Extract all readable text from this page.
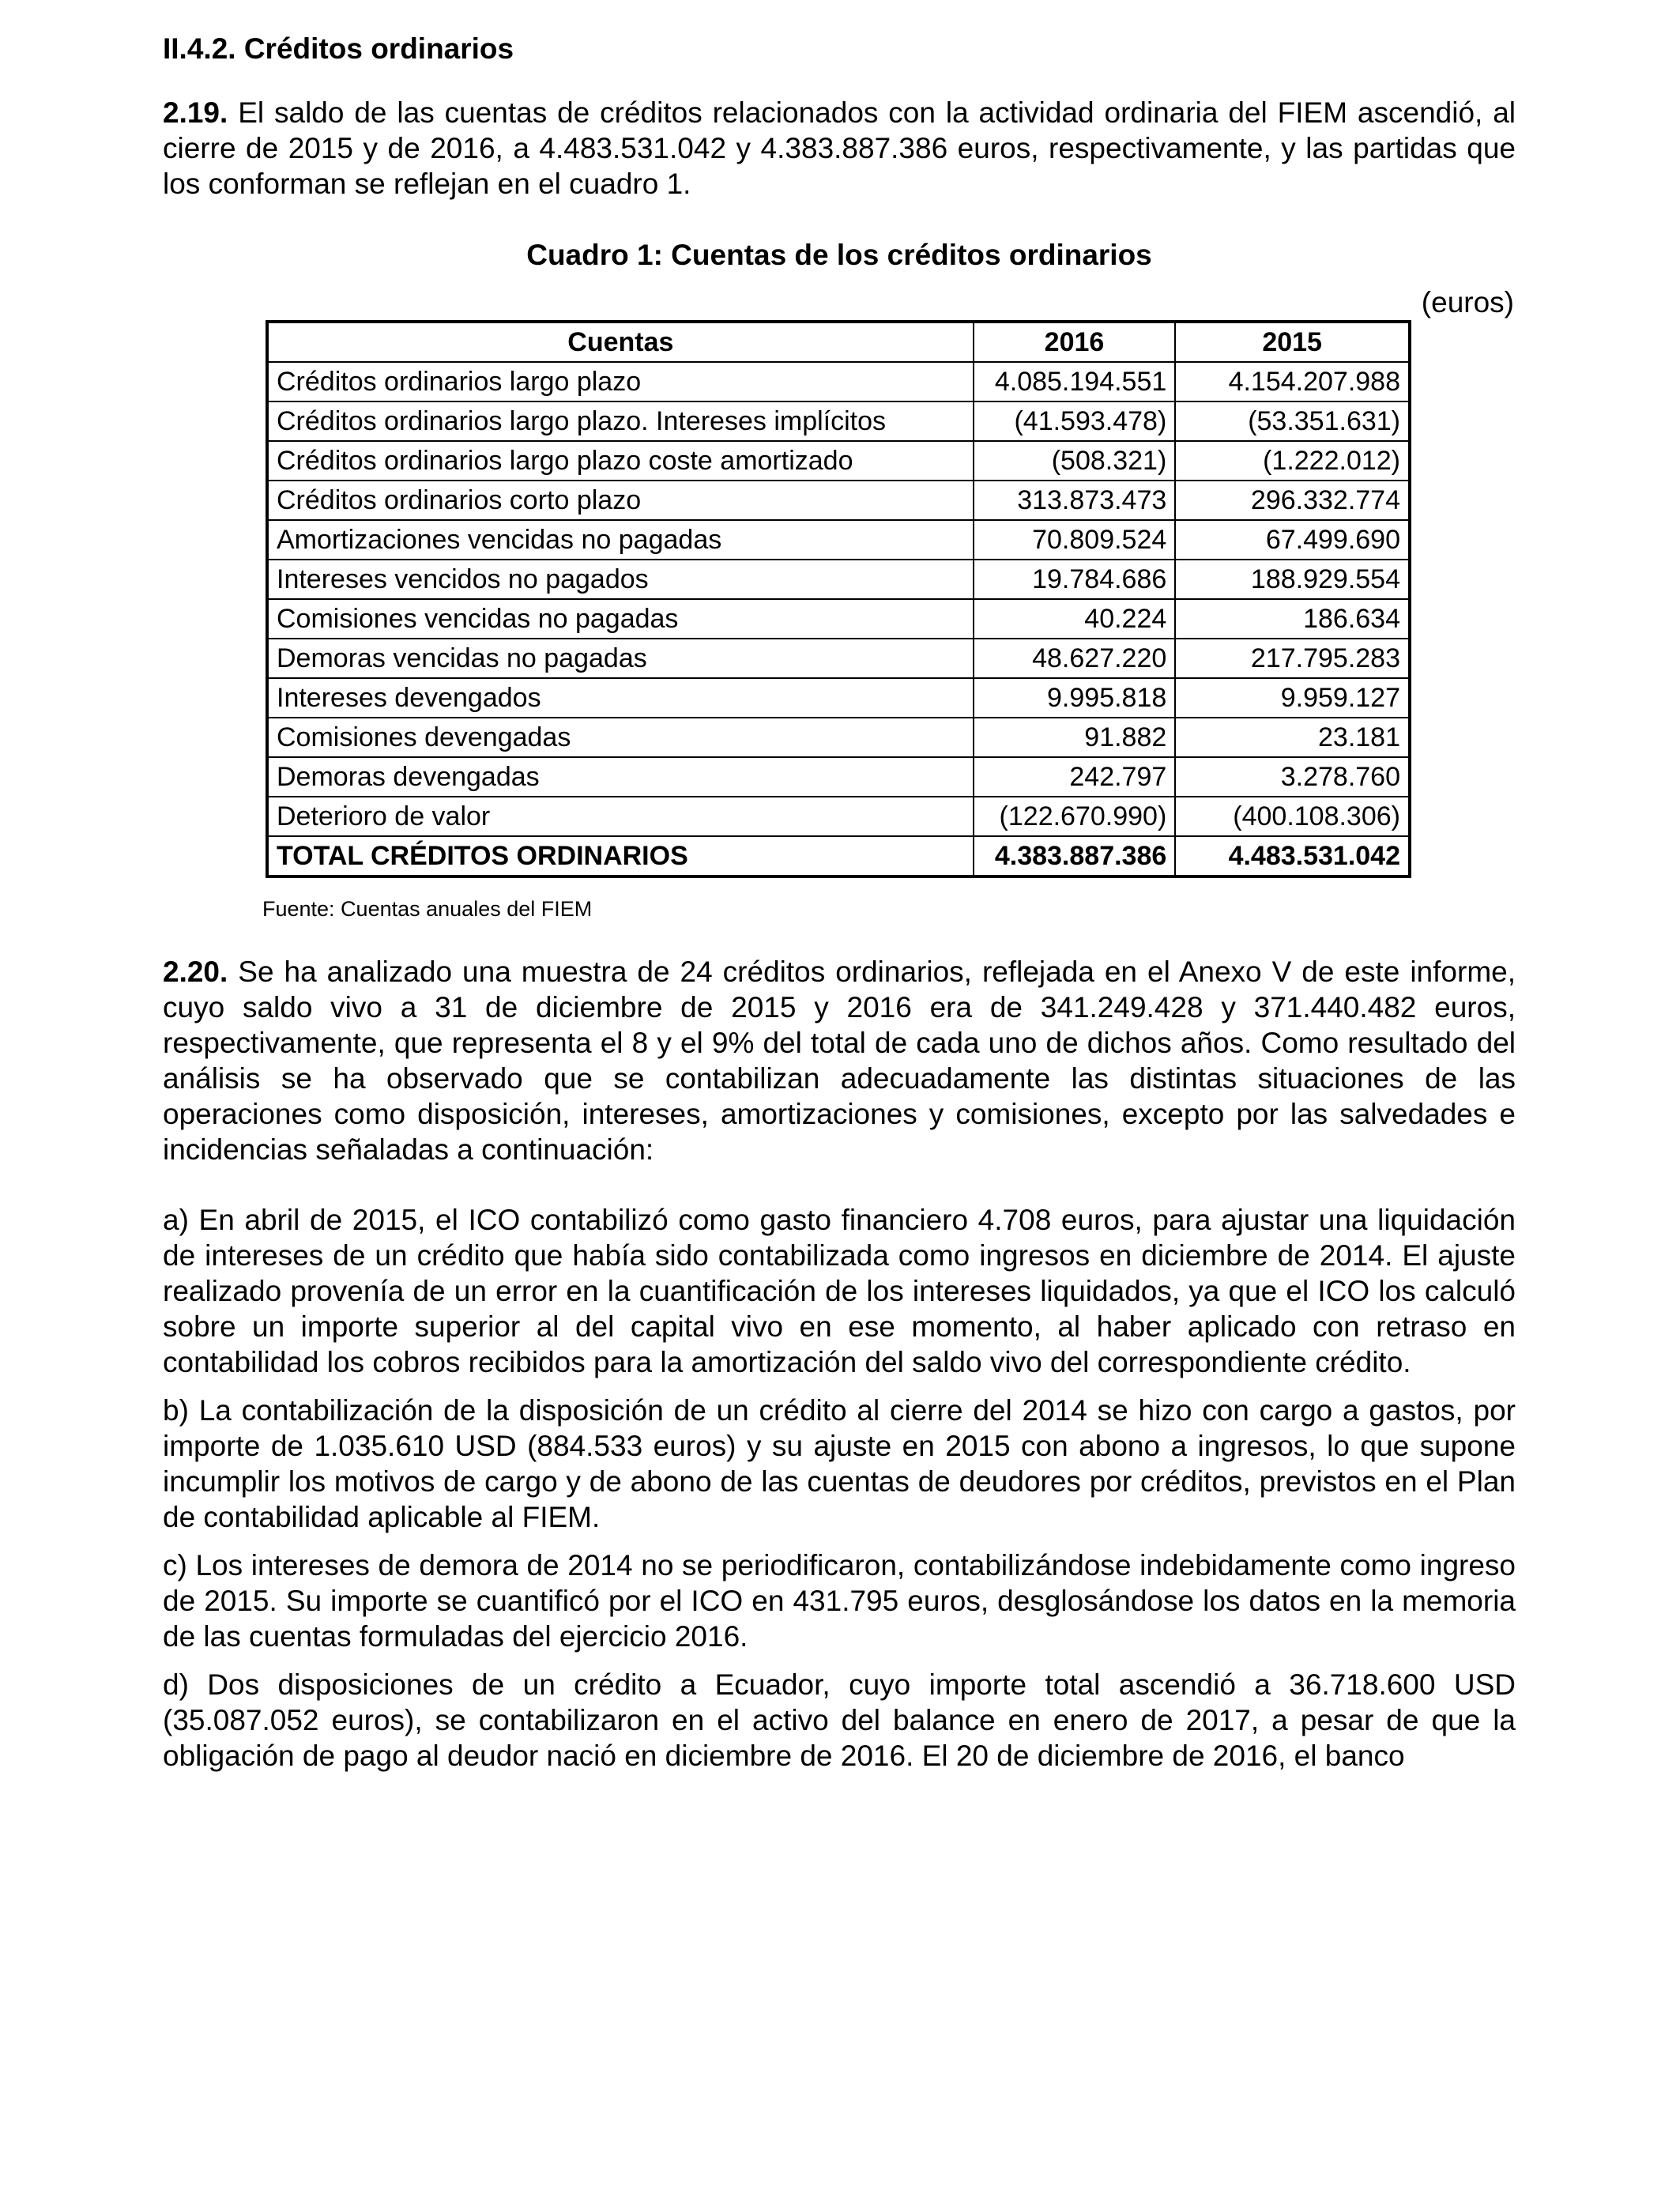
II.4.2. Créditos ordinarios

2.19. El saldo de las cuentas de créditos relacionados con la actividad ordinaria del FIEM ascendió, al cierre de 2015 y de 2016, a 4.483.531.042 y 4.383.887.386 euros, respectivamente, y las partidas que los conforman se reflejan en el cuadro 1.

Cuadro 1: Cuentas de los créditos ordinarios
(euros)
Cuentas	2016	2015
Créditos ordinarios largo plazo	4.085.194.551	4.154.207.988
Créditos ordinarios largo plazo. Intereses implícitos	(41.593.478)	(53.351.631)
Créditos ordinarios largo plazo coste amortizado	(508.321)	(1.222.012)
Créditos ordinarios corto plazo	313.873.473	296.332.774
Amortizaciones vencidas no pagadas	70.809.524	67.499.690
Intereses vencidos no pagados	19.784.686	188.929.554
Comisiones vencidas no pagadas	40.224	186.634
Demoras vencidas no pagadas	48.627.220	217.795.283
Intereses devengados	9.995.818	9.959.127
Comisiones devengadas	91.882	23.181
Demoras devengadas	242.797	3.278.760
Deterioro de valor	(122.670.990)	(400.108.306)
TOTAL CRÉDITOS ORDINARIOS	4.383.887.386	4.483.531.042
Fuente: Cuentas anuales del FIEM

2.20. Se ha analizado una muestra de 24 créditos ordinarios, reflejada en el Anexo V de este informe, cuyo saldo vivo a 31 de diciembre de 2015 y 2016 era de 341.249.428 y 371.440.482 euros, respectivamente, que representa el 8 y el 9% del total de cada uno de dichos años. Como resultado del análisis se ha observado que se contabilizan adecuadamente las distintas situaciones de las operaciones como disposición, intereses, amortizaciones y comisiones, excepto por las salvedades e incidencias señaladas a continuación:

a) En abril de 2015, el ICO contabilizó como gasto financiero 4.708 euros, para ajustar una liquidación de intereses de un crédito que había sido contabilizada como ingresos en diciembre de 2014. El ajuste realizado provenía de un error en la cuantificación de los intereses liquidados, ya que el ICO los calculó sobre un importe superior al del capital vivo en ese momento, al haber aplicado con retraso en contabilidad los cobros recibidos para la amortización del saldo vivo del correspondiente crédito.

b) La contabilización de la disposición de un crédito al cierre del 2014 se hizo con cargo a gastos, por importe de 1.035.610 USD (884.533 euros) y su ajuste en 2015 con abono a ingresos, lo que supone incumplir los motivos de cargo y de abono de las cuentas de deudores por créditos, previstos en el Plan de contabilidad aplicable al FIEM.

c) Los intereses de demora de 2014 no se periodificaron, contabilizándose indebidamente como ingreso de 2015. Su importe se cuantificó por el ICO en 431.795 euros, desglosándose los datos en la memoria de las cuentas formuladas del ejercicio 2016.

d) Dos disposiciones de un crédito a Ecuador, cuyo importe total ascendió a 36.718.600 USD (35.087.052 euros), se contabilizaron en el activo del balance en enero de 2017, a pesar de que la obligación de pago al deudor nació en diciembre de 2016. El 20 de diciembre de 2016, el banco
